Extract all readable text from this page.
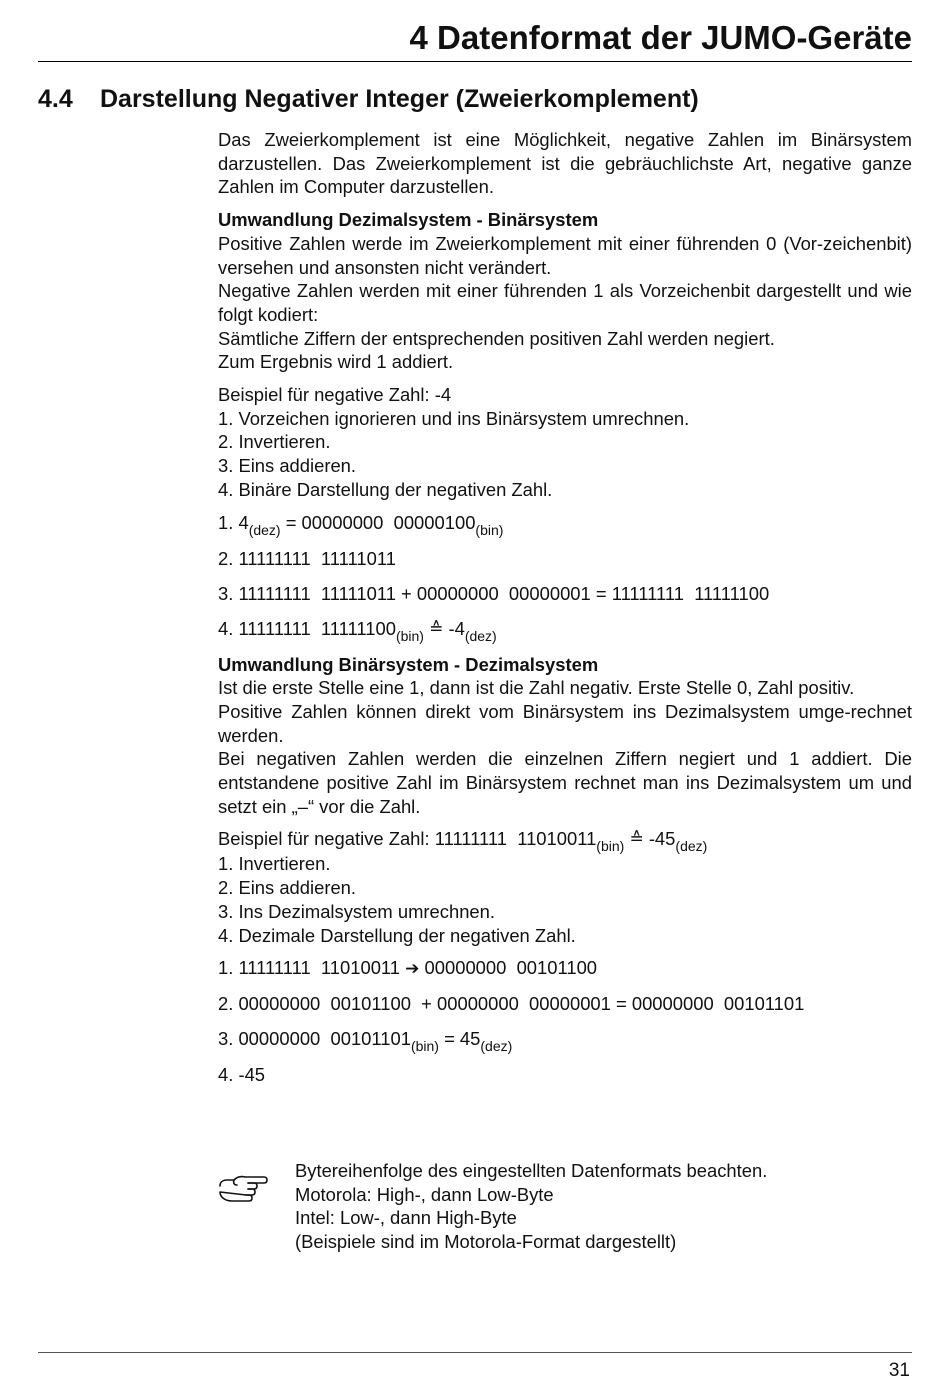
4 Datenformat der JUMO-Geräte
4.4 Darstellung Negativer Integer (Zweierkomplement)

Das Zweierkomplement ist eine Möglichkeit, negative Zahlen im Binärsystem darzustellen. Das Zweierkomplement ist die gebräuchlichste Art, negative ganze Zahlen im Computer darzustellen.

Umwandlung Dezimalsystem - Binärsystem

Positive Zahlen werde im Zweierkomplement mit einer führenden 0 (Vor-zeichenbit) versehen und ansonsten nicht verändert.

Negative Zahlen werden mit einer führenden 1 als Vorzeichenbit dargestellt und wie folgt kodiert:

Sämtliche Ziffern der entsprechenden positiven Zahl werden negiert.

Zum Ergebnis wird 1 addiert.

Beispiel für negative Zahl: -4

1. Vorzeichen ignorieren und ins Binärsystem umrechnen.

2. Invertieren.

3. Eins addieren.

4. Binäre Darstellung der negativen Zahl.

1. $4_{(dez)} = 00000000$  $00000100_{(bin)}$

2. 11111111  11111011

3. 11111111  11111011 + 00000000  00000001 = 11111111  11111100

4. 11111111  $11111100_{(bin)}$ ≙ $-4_{(dez)}$

Umwandlung Binärsystem - Dezimalsystem

Ist die erste Stelle eine 1, dann ist die Zahl negativ. Erste Stelle 0, Zahl positiv.

Positive Zahlen können direkt vom Binärsystem ins Dezimalsystem umge-rechnet werden.

Bei negativen Zahlen werden die einzelnen Ziffern negiert und 1 addiert. Die entstandene positive Zahl im Binärsystem rechnet man ins Dezimalsystem um und setzt ein „–“ vor die Zahl.

Beispiel für negative Zahl: 11111111  $11010011_{(bin)}$ ≙ $-45_{(dez)}$

1. Invertieren.

2. Eins addieren.

3. Ins Dezimalsystem umrechnen.

4. Dezimale Darstellung der negativen Zahl.

1. 11111111  11010011 ➔ 00000000  00101100

2. 00000000  00101100  + 00000000  00000001 = 00000000  00101101

3. 00000000  $00101101_{(bin)} = 45_{(dez)}$

4. -45

Bytereihenfolge des eingestellten Datenformats beachten.

Motorola: High-, dann Low-Byte

Intel: Low-, dann High-Byte

(Beispiele sind im Motorola-Format dargestellt)

31
